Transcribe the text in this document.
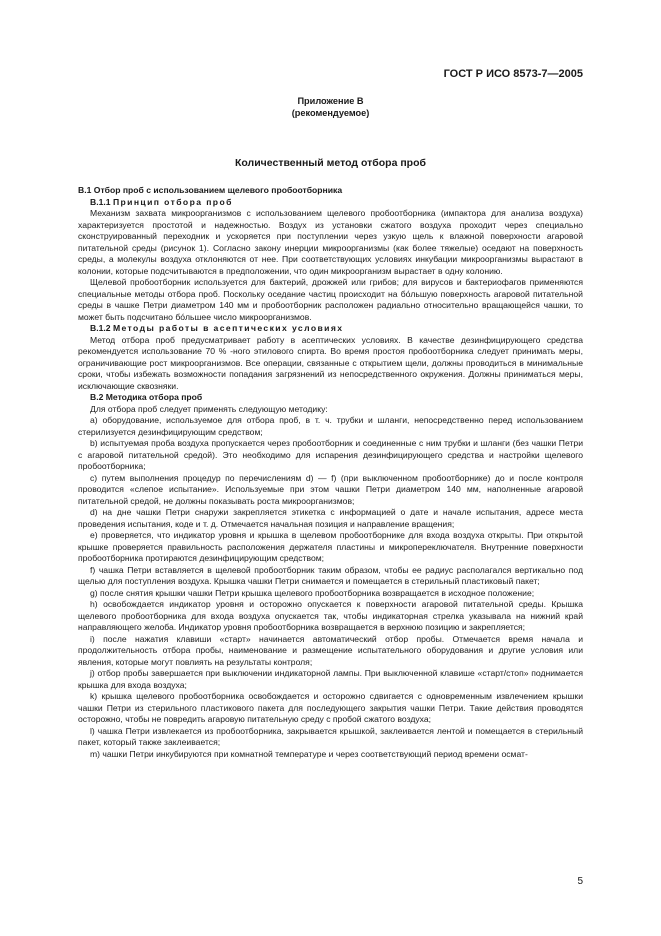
ГОСТ Р ИСО 8573-7—2005
Приложение В
(рекомендуемое)
Количественный метод отбора проб
В.1 Отбор проб с использованием щелевого пробоотборника
В.1.1 Принцип отбора проб

Механизм захвата микроорганизмов с использованием щелевого пробоотборника (импактора для анализа воздуха) характеризуется простотой и надежностью. Воздух из установки сжатого воздуха проходит через специально сконструированный переходник и ускоряется при поступлении через узкую щель к влажной поверхности агаровой питательной среды (рисунок 1). Согласно закону инерции микроорганизмы (как более тяжелые) оседают на поверхность среды, а молекулы воздуха отклоняются от нее. При соответствующих условиях инкубации микроорганизмы вырастают в колонии, которые подсчитываются в предположении, что один микроорганизм вырастает в одну колонию.

Щелевой пробоотборник используется для бактерий, дрожжей или грибов; для вирусов и бактериофагов применяются специальные методы отбора проб. Поскольку оседание частиц происходит на бо́льшую поверхность агаровой питательной среды в чашке Петри диаметром 140 мм и пробоотборник расположен радиально относительно вращающейся чашки, то может быть подсчитано бо́льшее число микроорганизмов.

В.1.2 Методы работы в асептических условиях

Метод отбора проб предусматривает работу в асептических условиях. В качестве дезинфицирующего средства рекомендуется использование 70 % -ного этилового спирта. Во время простоя пробоотборника следует принимать меры, ограничивающие рост микроорганизмов. Все операции, связанные с открытием щели, должны проводиться в минимальные сроки, чтобы избежать возможности попадания загрязнений из непосредственного окружения. Должны приниматься меры, исключающие сквозняки.

В.2 Методика отбора проб

Для отбора проб следует применять следующую методику:

a) оборудование, используемое для отбора проб, в т. ч. трубки и шланги, непосредственно перед использованием стерилизуется дезинфицирующим средством;

b) испытуемая проба воздуха пропускается через пробоотборник и соединенные с ним трубки и шланги (без чашки Петри с агаровой питательной средой). Это необходимо для испарения дезинфицирующего средства и настройки щелевого пробоотборника;

c) путем выполнения процедур по перечислениям d) — f) (при выключенном пробоотборнике) до и после контроля проводится «слепое испытание». Используемые при этом чашки Петри диаметром 140 мм, наполненные агаровой питательной средой, не должны показывать роста микроорганизмов;

d) на дне чашки Петри снаружи закрепляется этикетка с информацией о дате и начале испытания, адресе места проведения испытания, коде и т. д. Отмечается начальная позиция и направление вращения;

e) проверяется, что индикатор уровня и крышка в щелевом пробоотборнике для входа воздуха открыты. При открытой крышке проверяется правильность расположения держателя пластины и микропереключателя. Внутренние поверхности пробоотборника протираются дезинфицирующим средством;

f) чашка Петри вставляется в щелевой пробоотборник таким образом, чтобы ее радиус располагался вертикально под щелью для поступления воздуха. Крышка чашки Петри снимается и помещается в стерильный пластиковый пакет;

g) после снятия крышки чашки Петри крышка щелевого пробоотборника возвращается в исходное положение;

h) освобождается индикатор уровня и осторожно опускается к поверхности агаровой питательной среды. Крышка щелевого пробоотборника для входа воздуха опускается так, чтобы индикаторная стрелка указывала на нижний край направляющего желоба. Индикатор уровня пробоотборника возвращается в верхнюю позицию и закрепляется;

i) после нажатия клавиши «старт» начинается автоматический отбор пробы. Отмечается время начала и продолжительность отбора пробы, наименование и размещение испытательного оборудования и другие условия или явления, которые могут повлиять на результаты контроля;

j) отбор пробы завершается при выключении индикаторной лампы. При выключенной клавише «старт/стоп» поднимается крышка для входа воздуха;

k) крышка щелевого пробоотборника освобождается и осторожно сдвигается с одновременным извлечением крышки чашки Петри из стерильного пластикового пакета для последующего закрытия чашки Петри. Такие действия проводятся осторожно, чтобы не повредить агаровую питательную среду с пробой сжатого воздуха;

l) чашка Петри извлекается из пробоотборника, закрывается крышкой, заклеивается лентой и помещается в стерильный пакет, который также заклеивается;

m) чашки Петри инкубируются при комнатной температуре и через соответствующий период времени осмат-

5
